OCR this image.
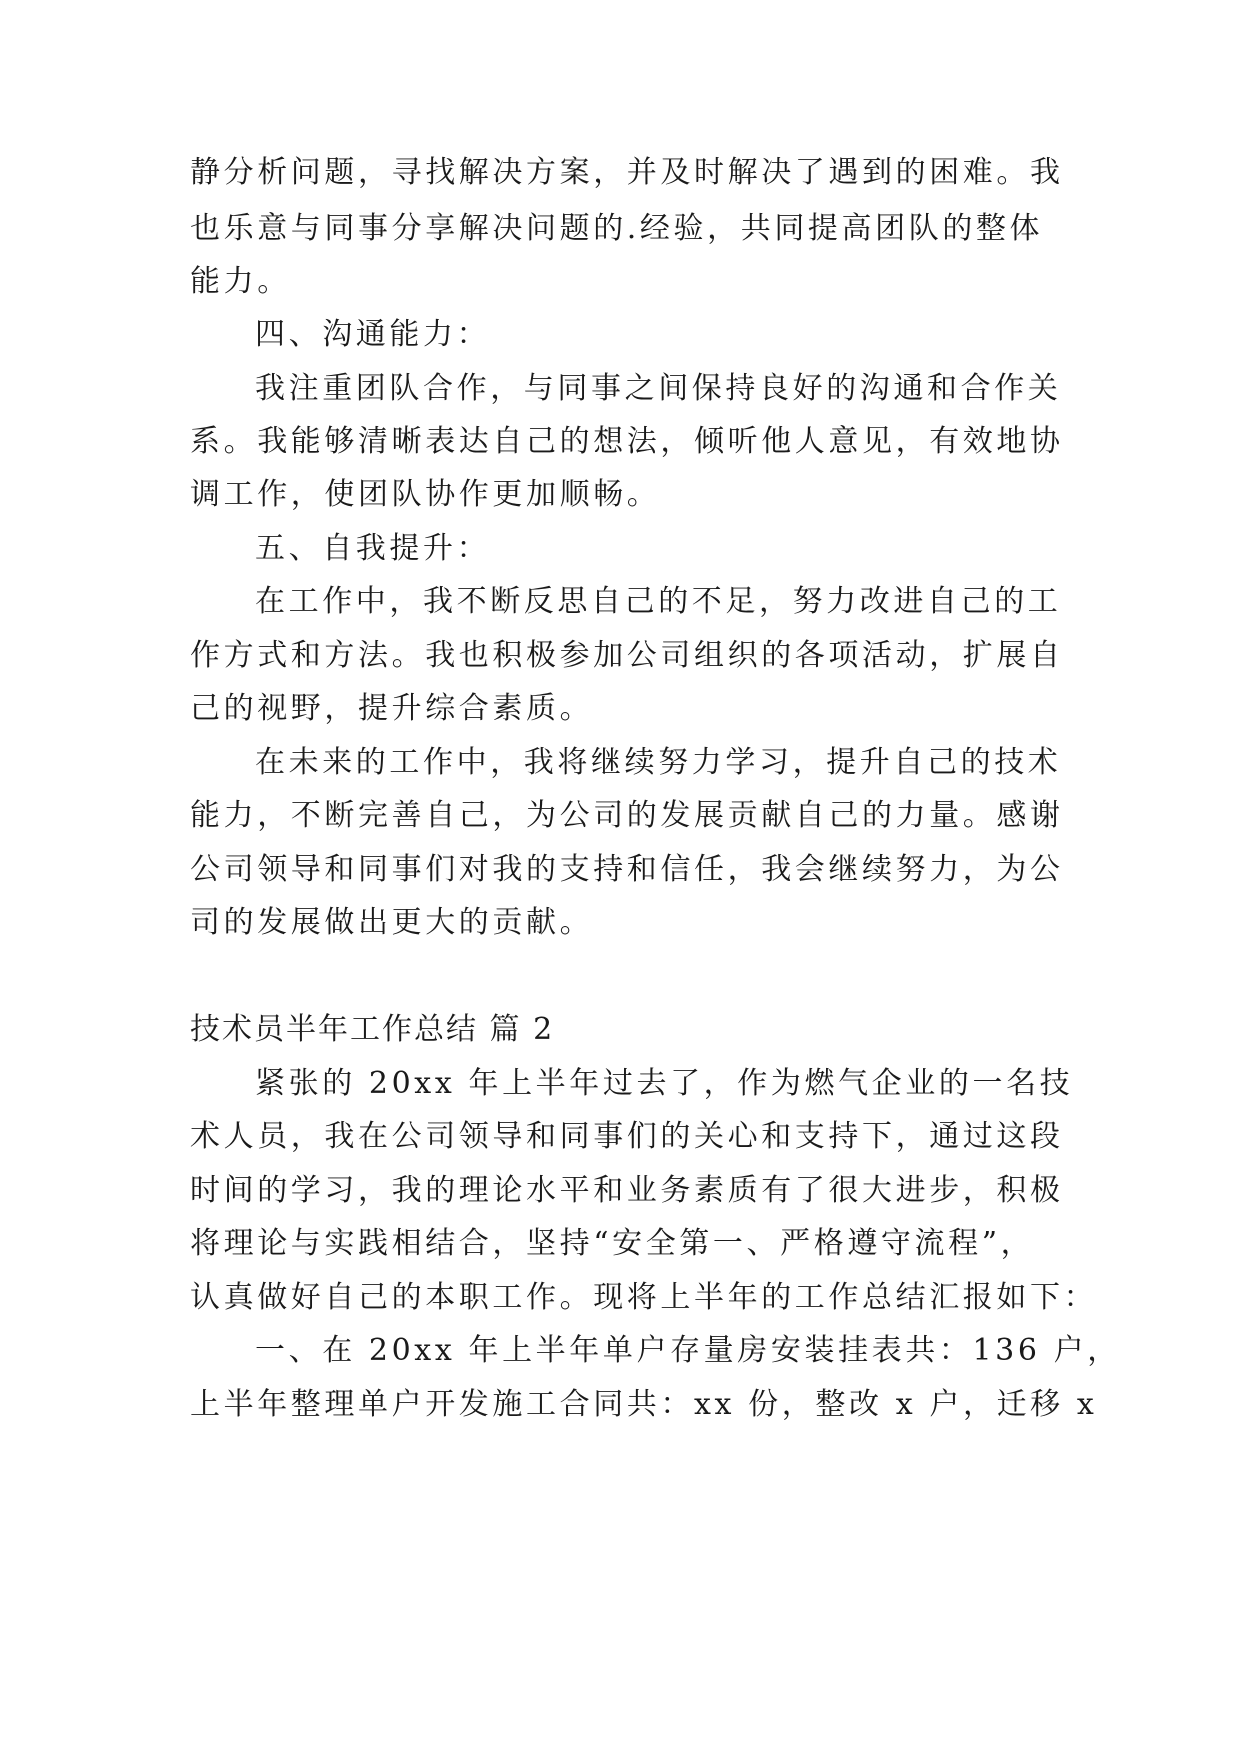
静分析问题，寻找解决方案，并及时解决了遇到的困难。我
也乐意与同事分享解决问题的.经验，共同提高团队的整体
能力。
四、沟通能力：
我注重团队合作，与同事之间保持良好的沟通和合作关
系。我能够清晰表达自己的想法，倾听他人意见，有效地协
调工作，使团队协作更加顺畅。
五、自我提升：
在工作中，我不断反思自己的不足，努力改进自己的工
作方式和方法。我也积极参加公司组织的各项活动，扩展自
己的视野，提升综合素质。
在未来的工作中，我将继续努力学习，提升自己的技术
能力，不断完善自己，为公司的发展贡献自己的力量。感谢
公司领导和同事们对我的支持和信任，我会继续努力，为公
司的发展做出更大的贡献。
技术员半年工作总结 篇 2
紧张的 20xx 年上半年过去了，作为燃气企业的一名技
术人员，我在公司领导和同事们的关心和支持下，通过这段
时间的学习，我的理论水平和业务素质有了很大进步，积极
将理论与实践相结合，坚持“安全第一、严格遵守流程”，
认真做好自己的本职工作。现将上半年的工作总结汇报如下：
一、在 20xx 年上半年单户存量房安装挂表共：136 户，
上半年整理单户开发施工合同共：xx 份，整改 x 户，迁移 x
